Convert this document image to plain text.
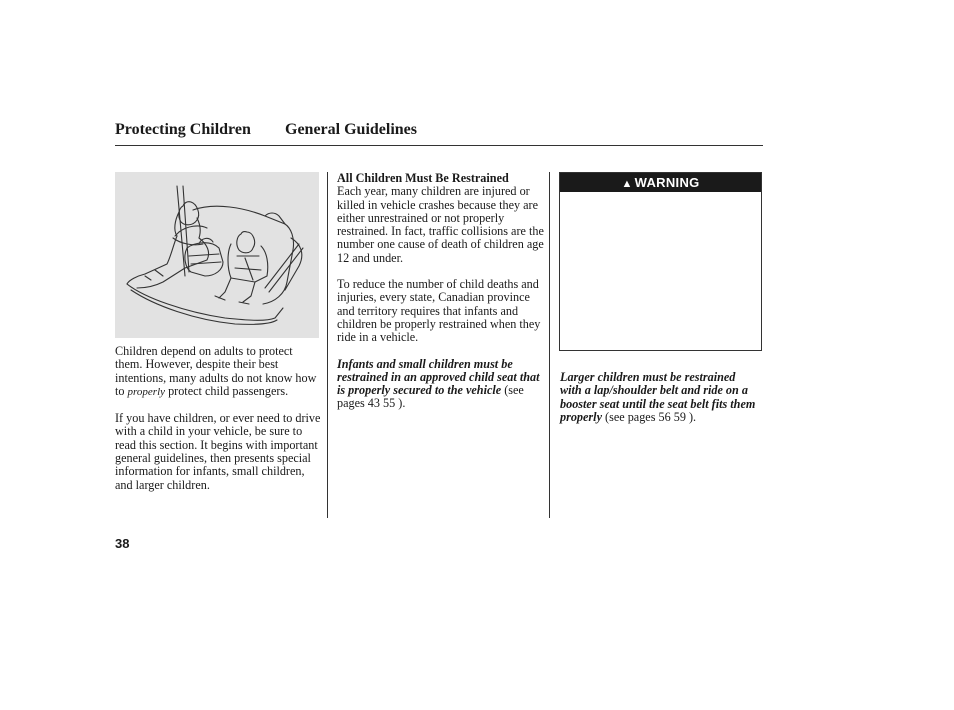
Protecting Children General Guidelines

Children depend on adults to protect them. However, despite their best intentions, many adults do not know how to properly protect child passengers.

If you have children, or ever need to drive with a child in your vehicle, be sure to read this section. It begins with important general guidelines, then presents special information for infants, small children, and larger children.

All Children Must Be Restrained

Each year, many children are injured or killed in vehicle crashes because they are either unrestrained or not properly restrained. In fact, traffic collisions are the number one cause of death of children age 12 and under.

To reduce the number of child deaths and injuries, every state, Canadian province and territory requires that infants and children be properly restrained when they ride in a vehicle.

Infants and small children must be restrained in an approved child seat that is properly secured to the vehicle (see pages 43 55 ).

▲ WARNING

Larger children must be restrained with a lap/shoulder belt and ride on a booster seat until the seat belt fits them properly (see pages 56 59 ).

38
